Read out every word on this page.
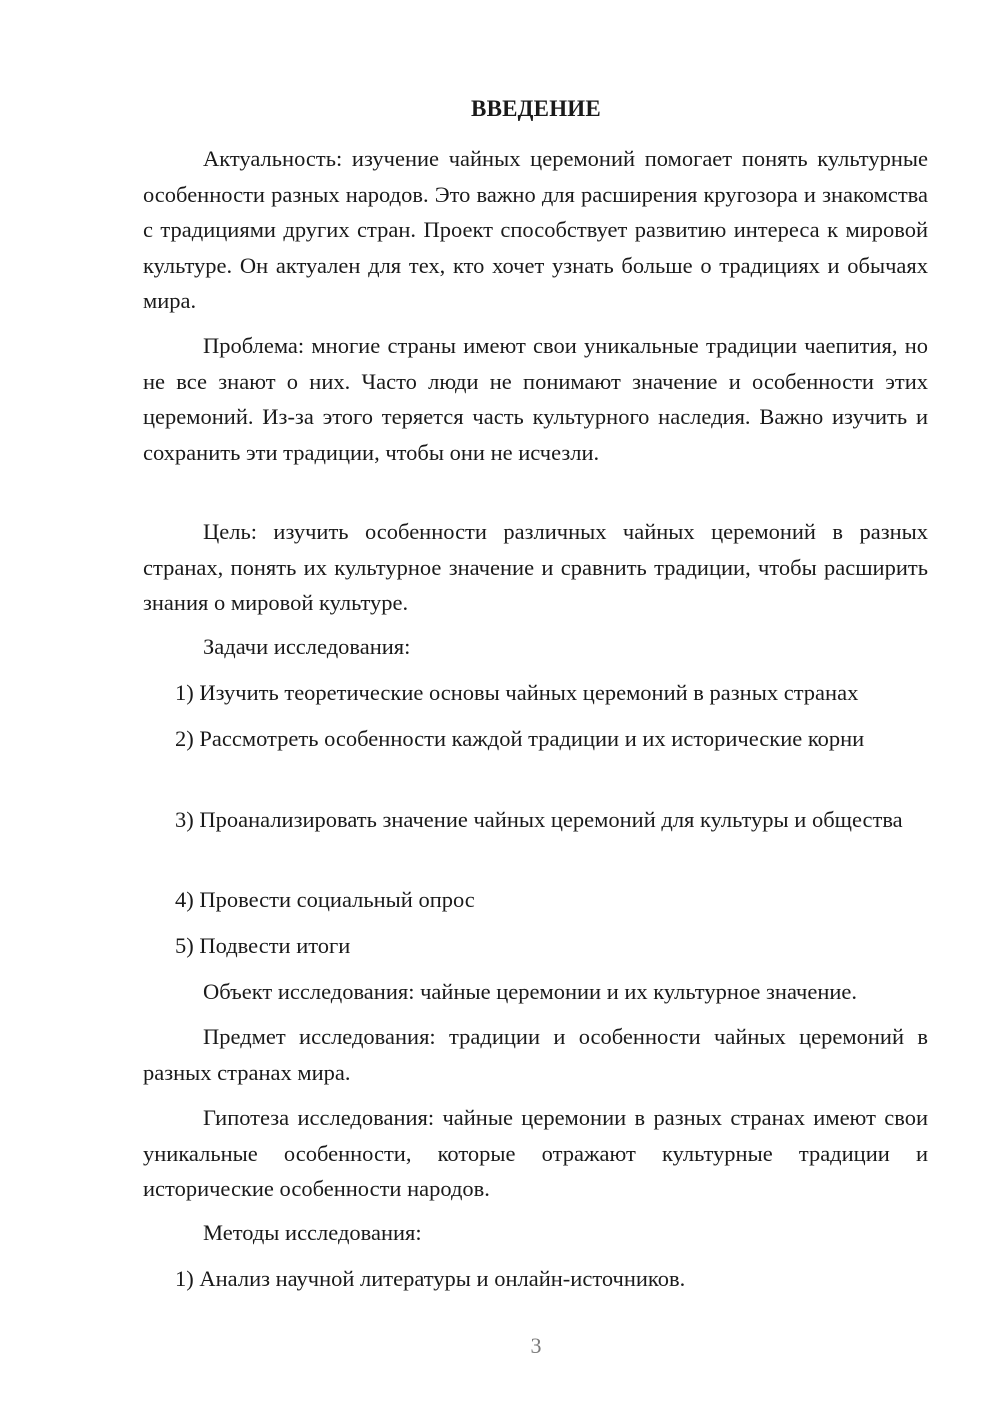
ВВЕДЕНИЕ

Актуальность: изучение чайных церемоний помогает понять культурные особенности разных народов. Это важно для расширения кругозора и знакомства с традициями других стран. Проект способствует развитию интереса к мировой культуре. Он актуален для тех, кто хочет узнать больше о традициях и обычаях мира.

Проблема: многие страны имеют свои уникальные традиции чаепития, но не все знают о них. Часто люди не понимают значение и особенности этих церемоний. Из-за этого теряется часть культурного наследия. Важно изучить и сохранить эти традиции, чтобы они не исчезли.

Цель: изучить особенности различных чайных церемоний в разных странах, понять их культурное значение и сравнить традиции, чтобы расширить знания о мировой культуре.

Задачи исследования:

1) Изучить теоретические основы чайных церемоний в разных странах

2) Рассмотреть особенности каждой традиции и их исторические корни

3) Проанализировать значение чайных церемоний для культуры и общества

4) Провести социальный опрос

5) Подвести итоги

Объект исследования: чайные церемонии и их культурное значение.

Предмет исследования: традиции и особенности чайных церемоний в разных странах мира.

Гипотеза исследования: чайные церемонии в разных странах имеют свои уникальные особенности, которые отражают культурные традиции и исторические особенности народов.

Методы исследования:

1) Анализ научной литературы и онлайн-источников.

3
